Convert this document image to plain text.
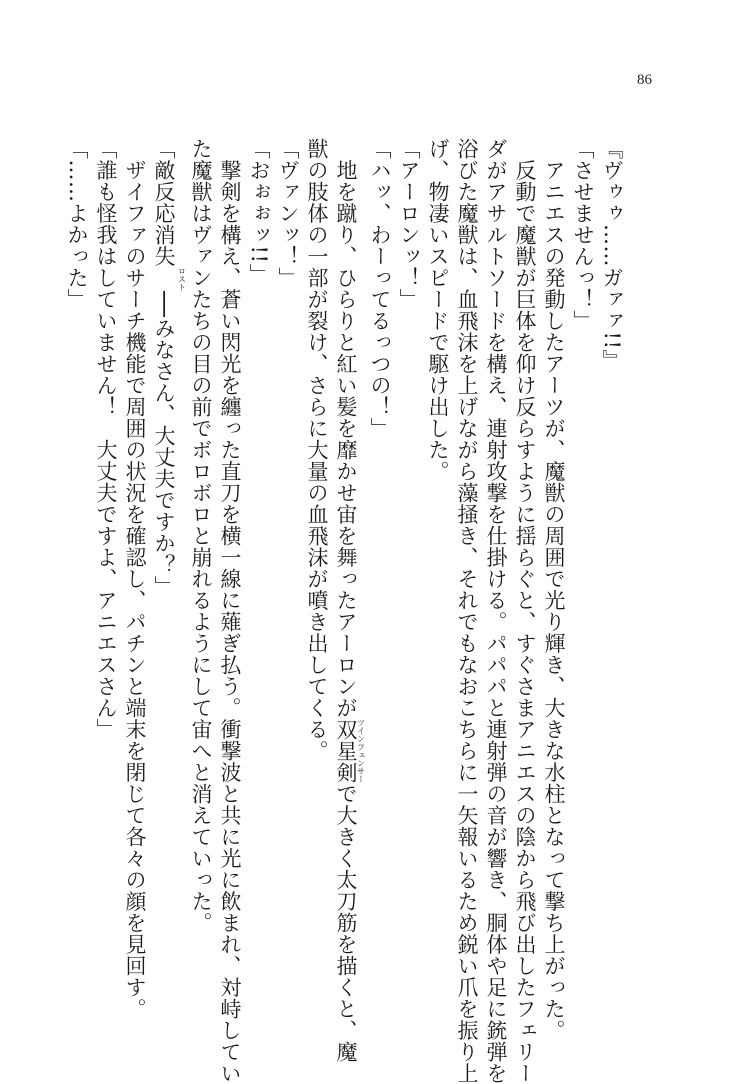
86
『ヴゥゥ……ガァァ!!』
「させませんっ！」
　アニエスの発動したアーツが、魔獣の周囲で光り輝き、大きな水柱となって撃ち上がった。
　反動で魔獣が巨体を仰け反らすように揺らぐと、すぐさまアニエスの陰から飛び出したフェリー
ダがアサルトソードを構え、連射攻撃を仕掛ける。パパパと連射弾の音が響き、胴体や足に銃弾を
浴びた魔獣は、血飛沫を上げながら藻掻き、それでもなおこちらに一矢報いるため鋭い爪を振り上
げ、物凄いスピードで駆け出した。
「アーロンッ！」
「ハッ、わーってるっつの！」
　地を蹴り、ひらりと紅い髪を靡かせ宙を舞ったアーロンが双星剣ツインフェンサーで大きく太刀筋を描くと、魔
獣の肢体の一部が裂け、さらに大量の血飛沫が噴き出してくる。
「ヴァンッ！」
「おぉぉッ!!」
　撃剣を構え、蒼い閃光を纏った直刀を横一線に薙ぎ払う。衝撃波と共に光に飲まれ、対峙してい
た魔獣はヴァンたちの目の前でボロボロと崩れるようにして宙へと消えていった。
「敵反応消失ロスト──みなさん、大丈夫ですか？」
　ザイファのサーチ機能で周囲の状況を確認し、パチンと端末を閉じて各々の顔を見回す。
「誰も怪我はしていません！　大丈夫ですよ、アニエスさん」
「……よかった」
